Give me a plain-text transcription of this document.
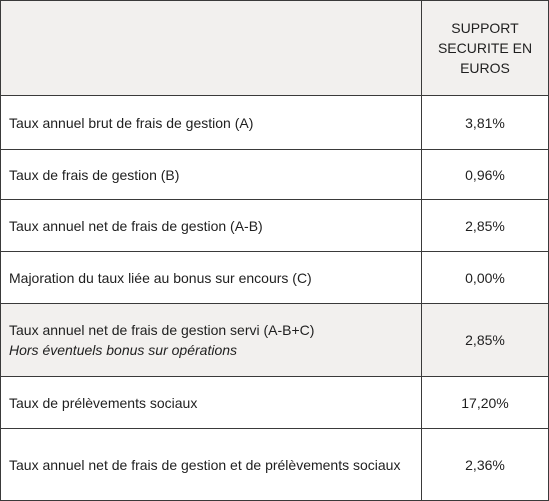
	SUPPORT SECURITE EN EUROS
Taux annuel brut de frais de gestion (A)	3,81%
Taux de frais de gestion (B)	0,96%
Taux annuel net de frais de gestion (A-B)	2,85%
Majoration du taux liée au bonus sur encours (C)	0,00%

Taux annuel net de frais de gestion servi (A-B+C)
Hors éventuels bonus sur opérations	2,85%
Taux de prélèvements sociaux	17,20%
Taux annuel net de frais de gestion et de prélèvements sociaux	2,36%
